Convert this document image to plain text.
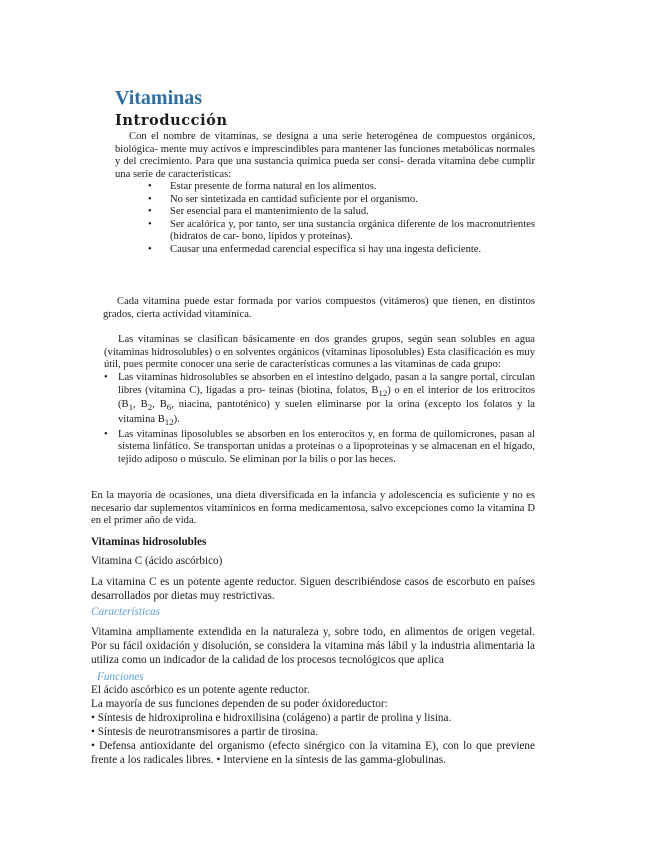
Vitaminas
Introducción

Con el nombre de vitaminas, se designa a una serie heterogénea de compuestos orgánicos, biológica- mente muy activos e imprescindibles para mantener las funciones metabólicas normales y del crecimiento. Para que una sustancia química pueda ser consi- derada vitamina debe cumplir una serie de características:

• Estar presente de forma natural en los alimentos.
• No ser sintetizada en cantidad suficiente por el organismo.
• Ser esencial para el mantenimiento de la salud.
• Ser acalórica y, por tanto, ser una sustancia orgánica diferente de los macronutrientes (hidratos de car- bono, lípidos y proteínas).
• Causar una enfermedad carencial específica si hay una ingesta deficiente.

Cada vitamina puede estar formada por varios compuestos (vitámeros) que tienen, en distintos grados, cierta actividad vitamínica.

Las vitaminas se clasifican básicamente en dos grandes grupos, según sean solubles en agua (vitaminas hidrosolubles) o en solventes orgánicos (vitaminas liposolubles) Esta clasificación es muy útil, pues permite conocer una serie de características comunes a las vitaminas de cada grupo:

• Las vitaminas hidrosolubles se absorben en el intestino delgado, pasan a la sangre portal, circulan libres (vitamina C), ligadas a pro- teínas (biotina, folatos, $B_{12}$) o en el interior de los eritrocitos ($B_1$, $B_2$, $B_6$, niacina, pantoténico) y suelen eliminarse por la orina (excepto los folatos y la vitamina $B_{12}$).
• Las vitaminas liposolubles se absorben en los enterocitos y, en forma de quilomicrones, pasan al sistema linfático. Se transportan unidas a proteínas o a lipoproteínas y se almacenan en el hígado, tejido adiposo o músculo. Se eliminan por la bilis o por las heces.

En la mayoría de ocasiones, una dieta diversificada en la infancia y adolescencia es suficiente y no es necesario dar suplementos vitamínicos en forma medicamentosa, salvo excepciones como la vitamina D en el primer año de vida.

Vitaminas hidrosolubles

Vitamina C (ácido ascórbico)

La vitamina C es un potente agente reductor. Siguen describiéndose casos de escorbuto en países desarrollados por dietas muy restrictivas.

Características

Vitamina ampliamente extendida en la naturaleza y, sobre todo, en alimentos de origen vegetal. Por su fácil oxidación y disolución, se considera la vitamina más lábil y la industria alimentaria la utiliza como un indicador de la calidad de los procesos tecnológicos que aplica

Funciones

El ácido ascórbico es un potente agente reductor.
La mayoría de sus funciones dependen de su poder óxidoreductor:
• Síntesis de hidroxiprolina e hidroxilisina (colágeno) a partir de prolina y lisina.
• Síntesis de neurotransmisores a partir de tirosina.
• Defensa antioxidante del organismo (efecto sinérgico con la vitamina E), con lo que previene frente a los radicales libres. • Interviene en la síntesis de las gamma-globulinas.
